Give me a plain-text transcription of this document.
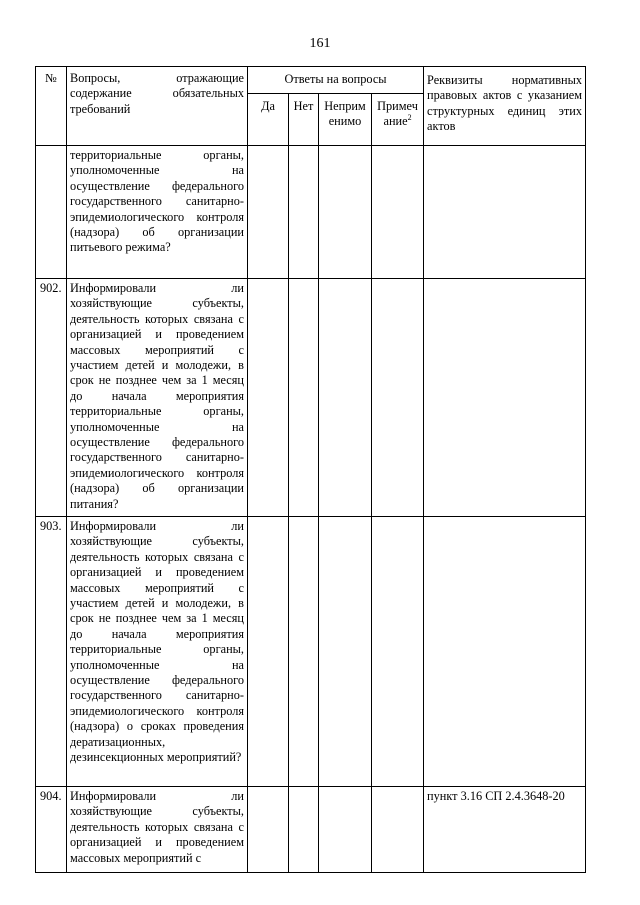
161
№	Вопросы, отражающие содержание обязательных требований	Ответы на вопросы				Реквизиты нормативных правовых актов с указанием структурных единиц этих актов
		Да	Нет	Неприм енимо	Примеч ание$^2$
	территориальные органы, уполномоченные на осуществление федерального государственного санитарно-эпидемиологического контроля (надзора) об организации питьевого режима?					
902.	Информировали ли хозяйствующие субъекты, деятельность которых связана с организацией и проведением массовых мероприятий с участием детей и молодежи, в срок не позднее чем за 1 месяц до начала мероприятия территориальные органы, уполномоченные на осуществление федерального государственного санитарно-эпидемиологического контроля (надзора) об организации питания?					
903.	Информировали ли хозяйствующие субъекты, деятельность которых связана с организацией и проведением массовых мероприятий с участием детей и молодежи, в срок не позднее чем за 1 месяц до начала мероприятия территориальные органы, уполномоченные на осуществление федерального государственного санитарно-эпидемиологического контроля (надзора) о сроках проведения дератизационных, дезинсекционных мероприятий?					
904.	Информировали ли хозяйствующие субъекты, деятельность которых связана с организацией и проведением массовых мероприятий с					пункт 3.16 СП 2.4.3648-20
